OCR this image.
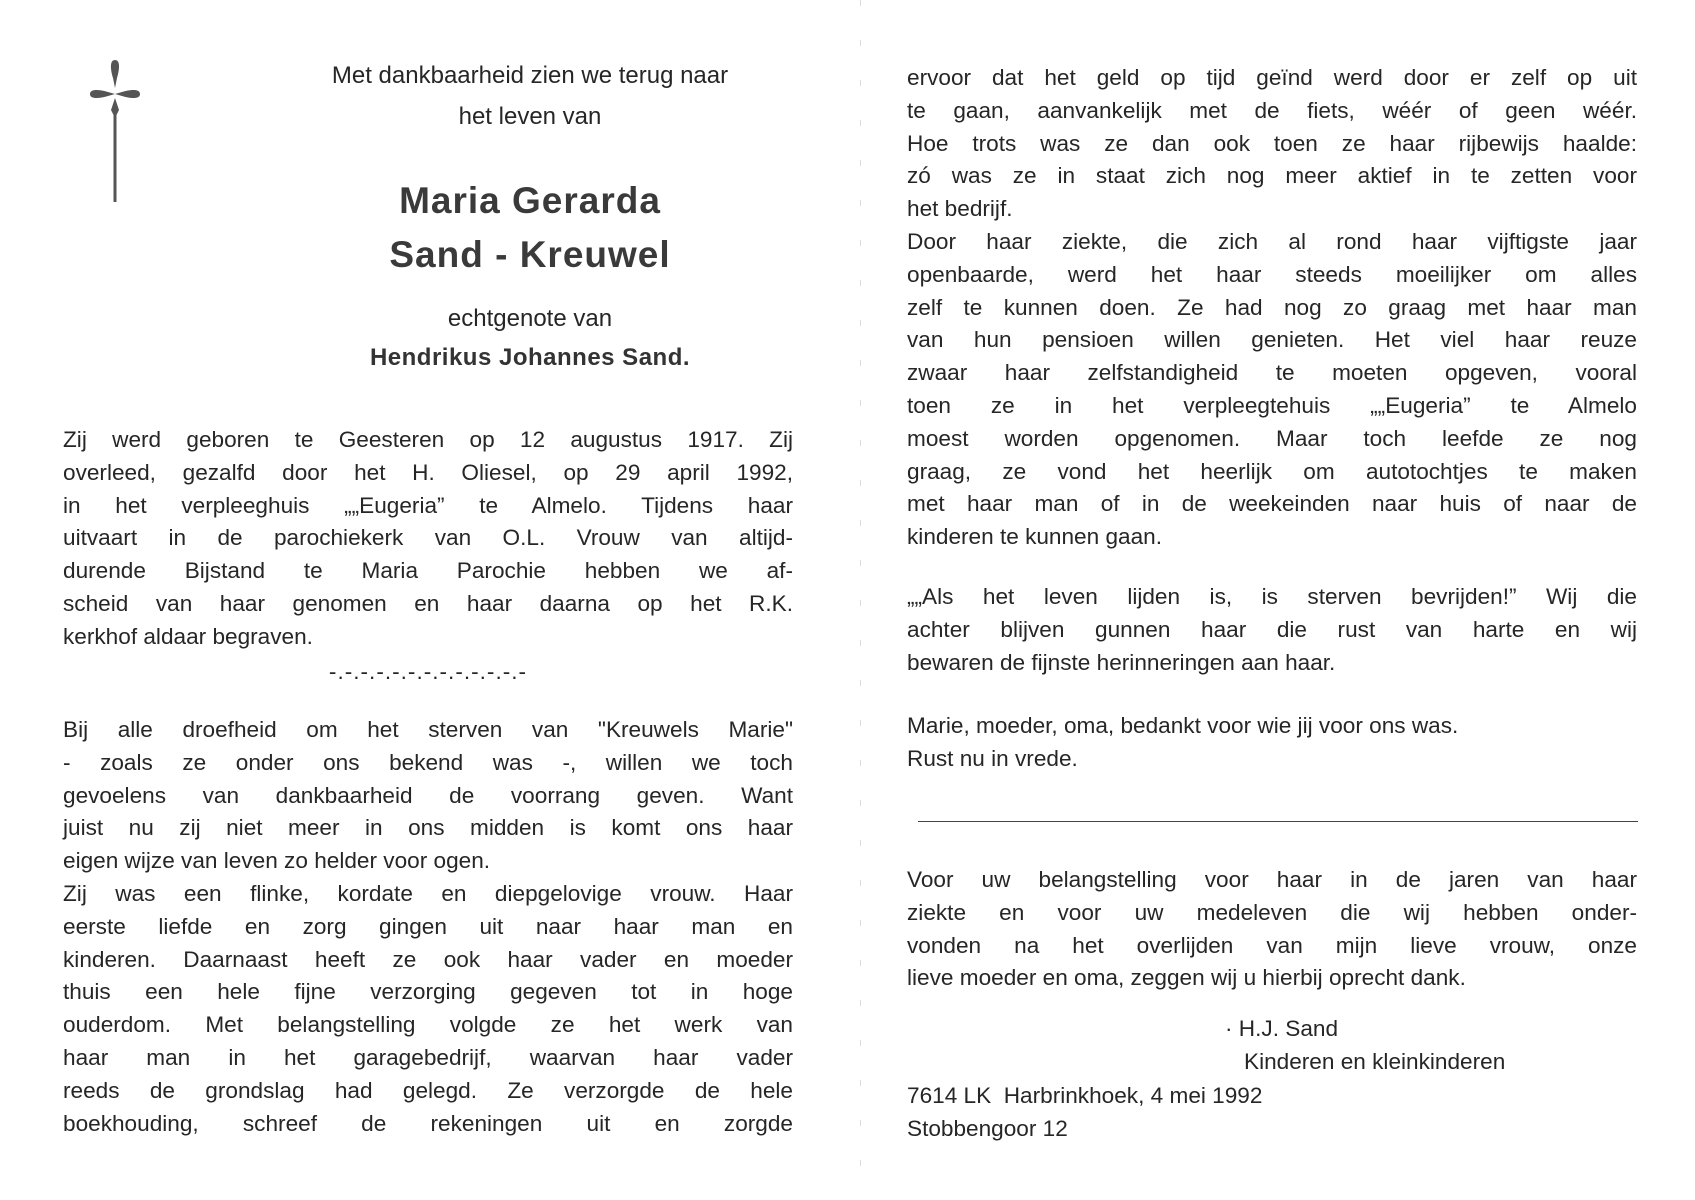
Met dankbaarheid zien we terug naar
het leven van
Maria Gerarda
Sand - Kreuwel
echtgenote van
Hendrikus Johannes Sand.
Zij werd geboren te Geesteren op 12 augustus 1917. Zij
overleed, gezalfd door het H. Oliesel, op 29 april 1992,
in het verpleeghuis „„Eugeria” te Almelo. Tijdens haar
uitvaart in de parochiekerk van O.L. Vrouw van altijd-
durende Bijstand te Maria Parochie hebben we af-
scheid van haar genomen en haar daarna op het R.K.
kerkhof aldaar begraven.
-.-.-.-.-.-.-.-.-.-.-.-.-
Bij alle droefheid om het sterven van "Kreuwels Marie"
- zoals ze onder ons bekend was -, willen we toch
gevoelens van dankbaarheid de voorrang geven. Want
juist nu zij niet meer in ons midden is komt ons haar
eigen wijze van leven zo helder voor ogen.
Zij was een flinke, kordate en diepgelovige vrouw. Haar
eerste liefde en zorg gingen uit naar haar man en
kinderen. Daarnaast heeft ze ook haar vader en moeder
thuis een hele fijne verzorging gegeven tot in hoge
ouderdom. Met belangstelling volgde ze het werk van
haar man in het garagebedrijf, waarvan haar vader
reeds de grondslag had gelegd. Ze verzorgde de hele
boekhouding, schreef de rekeningen uit en zorgde
ervoor dat het geld op tijd geïnd werd door er zelf op uit
te gaan, aanvankelijk met de fiets, wéér of geen wéér.
Hoe trots was ze dan ook toen ze haar rijbewijs haalde:
zó was ze in staat zich nog meer aktief in te zetten voor
het bedrijf.
Door haar ziekte, die zich al rond haar vijftigste jaar
openbaarde, werd het haar steeds moeilijker om alles
zelf te kunnen doen. Ze had nog zo graag met haar man
van hun pensioen willen genieten. Het viel haar reuze
zwaar haar zelfstandigheid te moeten opgeven, vooral
toen ze in het verpleegtehuis „„Eugeria” te Almelo
moest worden opgenomen. Maar toch leefde ze nog
graag, ze vond het heerlijk om autotochtjes te maken
met haar man of in de weekeinden naar huis of naar de
kinderen te kunnen gaan.
„„Als het leven lijden is, is sterven bevrijden!” Wij die
achter blijven gunnen haar die rust van harte en wij
bewaren de fijnste herinneringen aan haar.
Marie, moeder, oma, bedankt voor wie jij voor ons was.
Rust nu in vrede.
Voor uw belangstelling voor haar in de jaren van haar
ziekte en voor uw medeleven die wij hebben onder-
vonden na het overlijden van mijn lieve vrouw, onze
lieve moeder en oma, zeggen wij u hierbij oprecht dank.
· H.J. Sand
Kinderen en kleinkinderen
7614 LK  Harbrinkhoek, 4 mei 1992
Stobbengoor 12
